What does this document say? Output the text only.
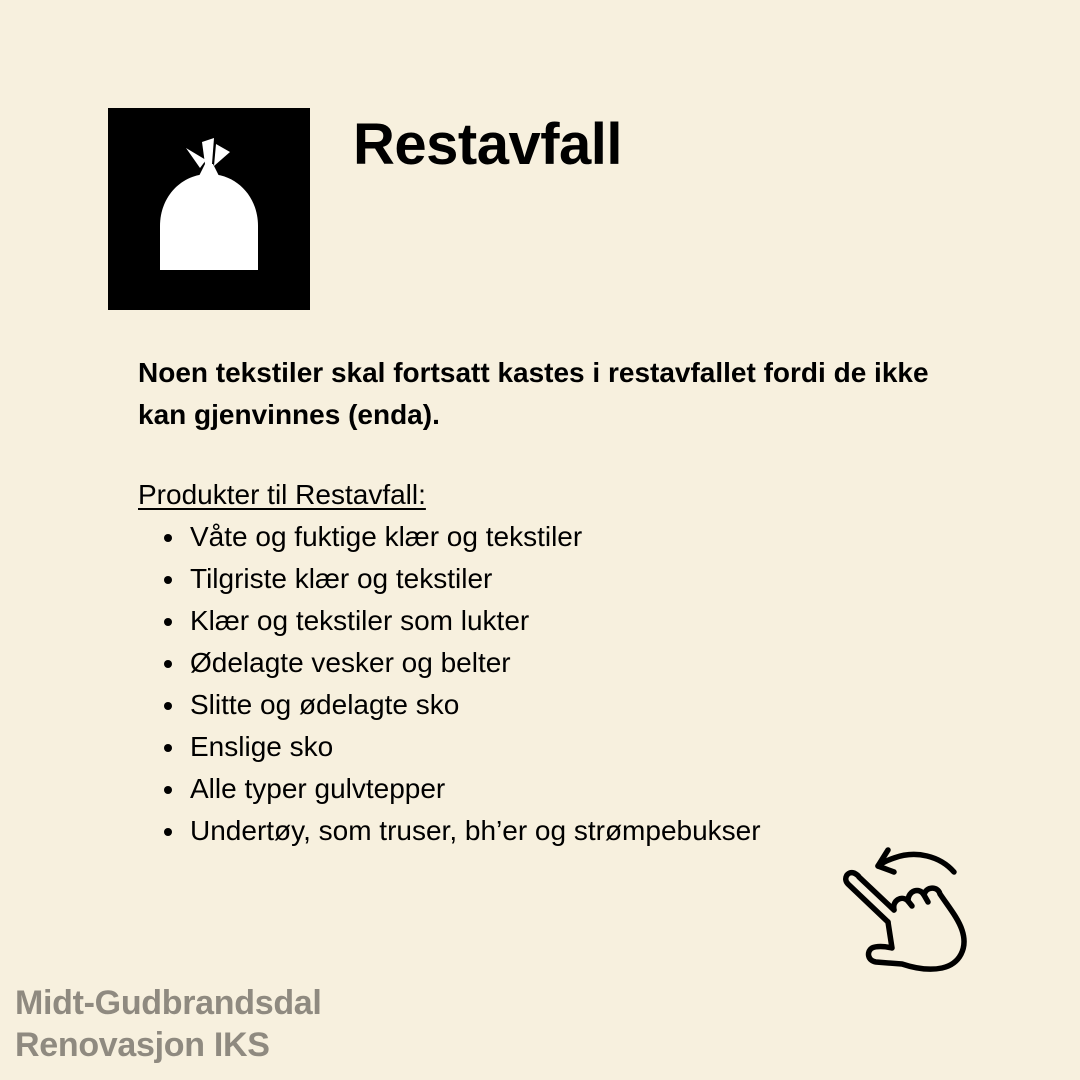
Restavfall

Noen tekstiler skal fortsatt kastes i restavfallet fordi de ikke kan gjenvinnes (enda).

Produkter til Restavfall:

Våte og fuktige klær og tekstiler
Tilgriste klær og tekstiler
Klær og tekstiler som lukter
Ødelagte vesker og belter
Slitte og ødelagte sko
Enslige sko
Alle typer gulvtepper
Undertøy, som truser, bh’er og strømpebukser
Midt-Gudbrandsdal
Renovasjon IKS
